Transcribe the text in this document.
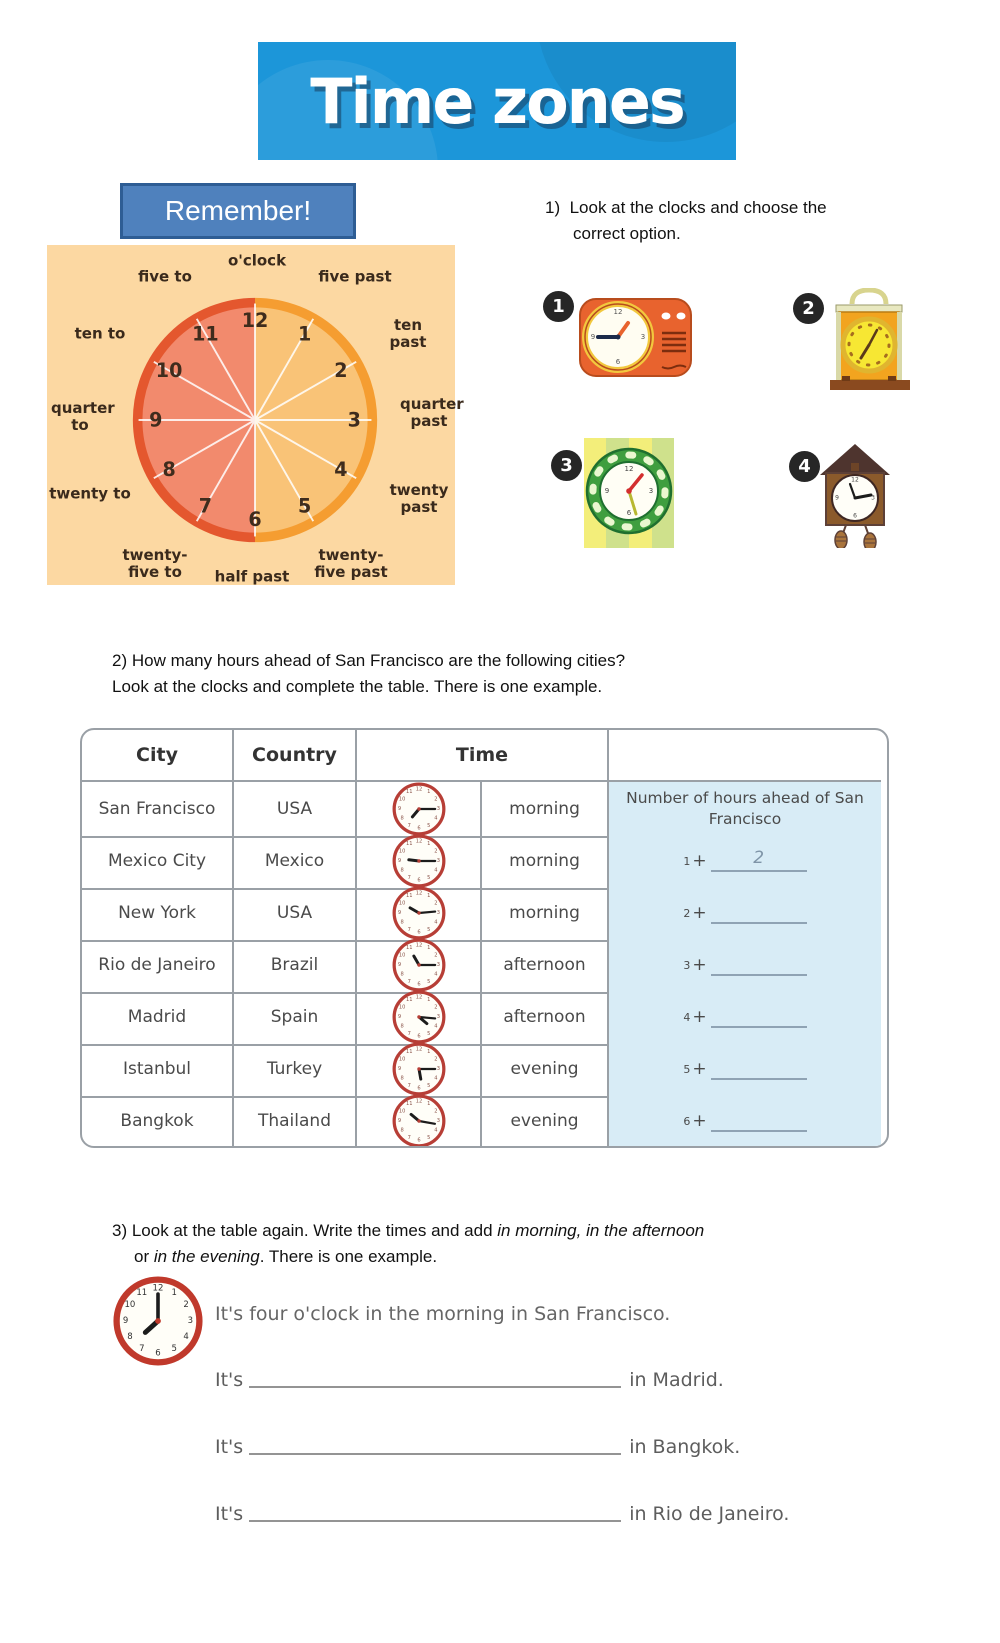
Time zones
Remember!
12
1
2
3
4
5
6
7
8
9
10
11
o'clock
five to	five past
ten to	ten past
quarter to
quarter past
twenty to	twenty past
twenty-five to
twenty-five past
half past
1) Look at the clocks and choose the
correct option.
1	12
3
6
9
2
3	12
3
6
9
4
12
3
6
9
2) How many hours ahead of San Francisco are the following cities?
Look at the clocks and complete the table. There is one example.
City	Country	Time
San Francisco	USA
12 1
2
3
4
5
6
7
8
9
10
11
morning
Number of hours ahead of San Francisco
Mexico City	Mexico
12 1
2
3
4
5
6
7
8
9
10
11
morning	1 +	2
New York	USA
12 1
2
3
4
5
6
7
8
9
10
11
morning	2 +
Rio de Janeiro	Brazil
12 1
2
3
4
5
6
7
8
9
10
11
afternoon	3 +
Madrid	Spain
12 1
2
3
4
5
6
7
8
9
10
11
afternoon	4 +
Istanbul	Turkey
12 1
2
3
4
5
6
7
8
9
10
11
evening	5 +
Bangkok	Thailand
12 1
2
3
4
5
6
7
8
9
10
11
evening	6 +
3) Look at the table again. Write the times and add in morning, in the afternoon
or in the evening. There is one example.
12 1
2
3
4
5
6
7
8
9
10
11
It's four o'clock in the morning in San Francisco.
It's	in Madrid.
It's	in Bangkok.
It's	in Rio de Janeiro.
